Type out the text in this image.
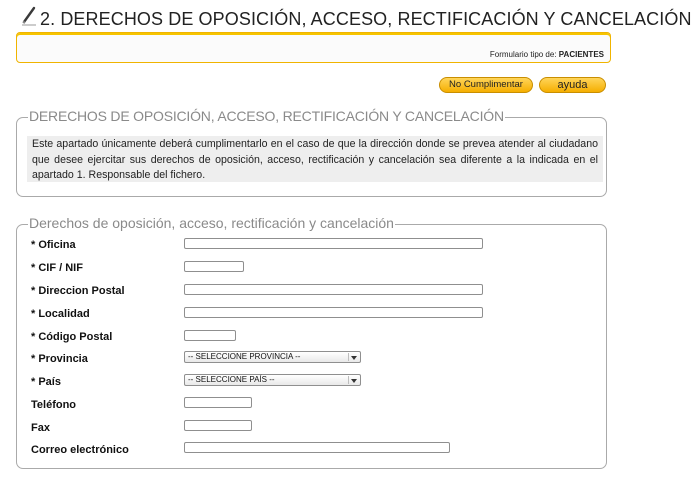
2. DERECHOS DE OPOSICIÓN, ACCESO, RECTIFICACIÓN Y CANCELACIÓN
Formulario tipo de: PACIENTES
No Cumplimentar	ayuda
DERECHOS DE OPOSICIÓN, ACCESO, RECTIFICACIÓN Y CANCELACIÓN
Este apartado únicamente deberá cumplimentarlo en el caso de que la dirección donde se prevea atender al ciudadano que desee ejercitar sus derechos de oposición, acceso, rectificación y cancelación sea diferente a la indicada en el apartado 1. Responsable del fichero.
Derechos de oposición, acceso, rectificación y cancelación
* Oficina
* CIF / NIF
* Direccion Postal
* Localidad
* Código Postal
* Provincia	-- SELECCIONE PROVINCIA --
* País	-- SELECCIONE PAÍS --
Teléfono
Fax
Correo electrónico
